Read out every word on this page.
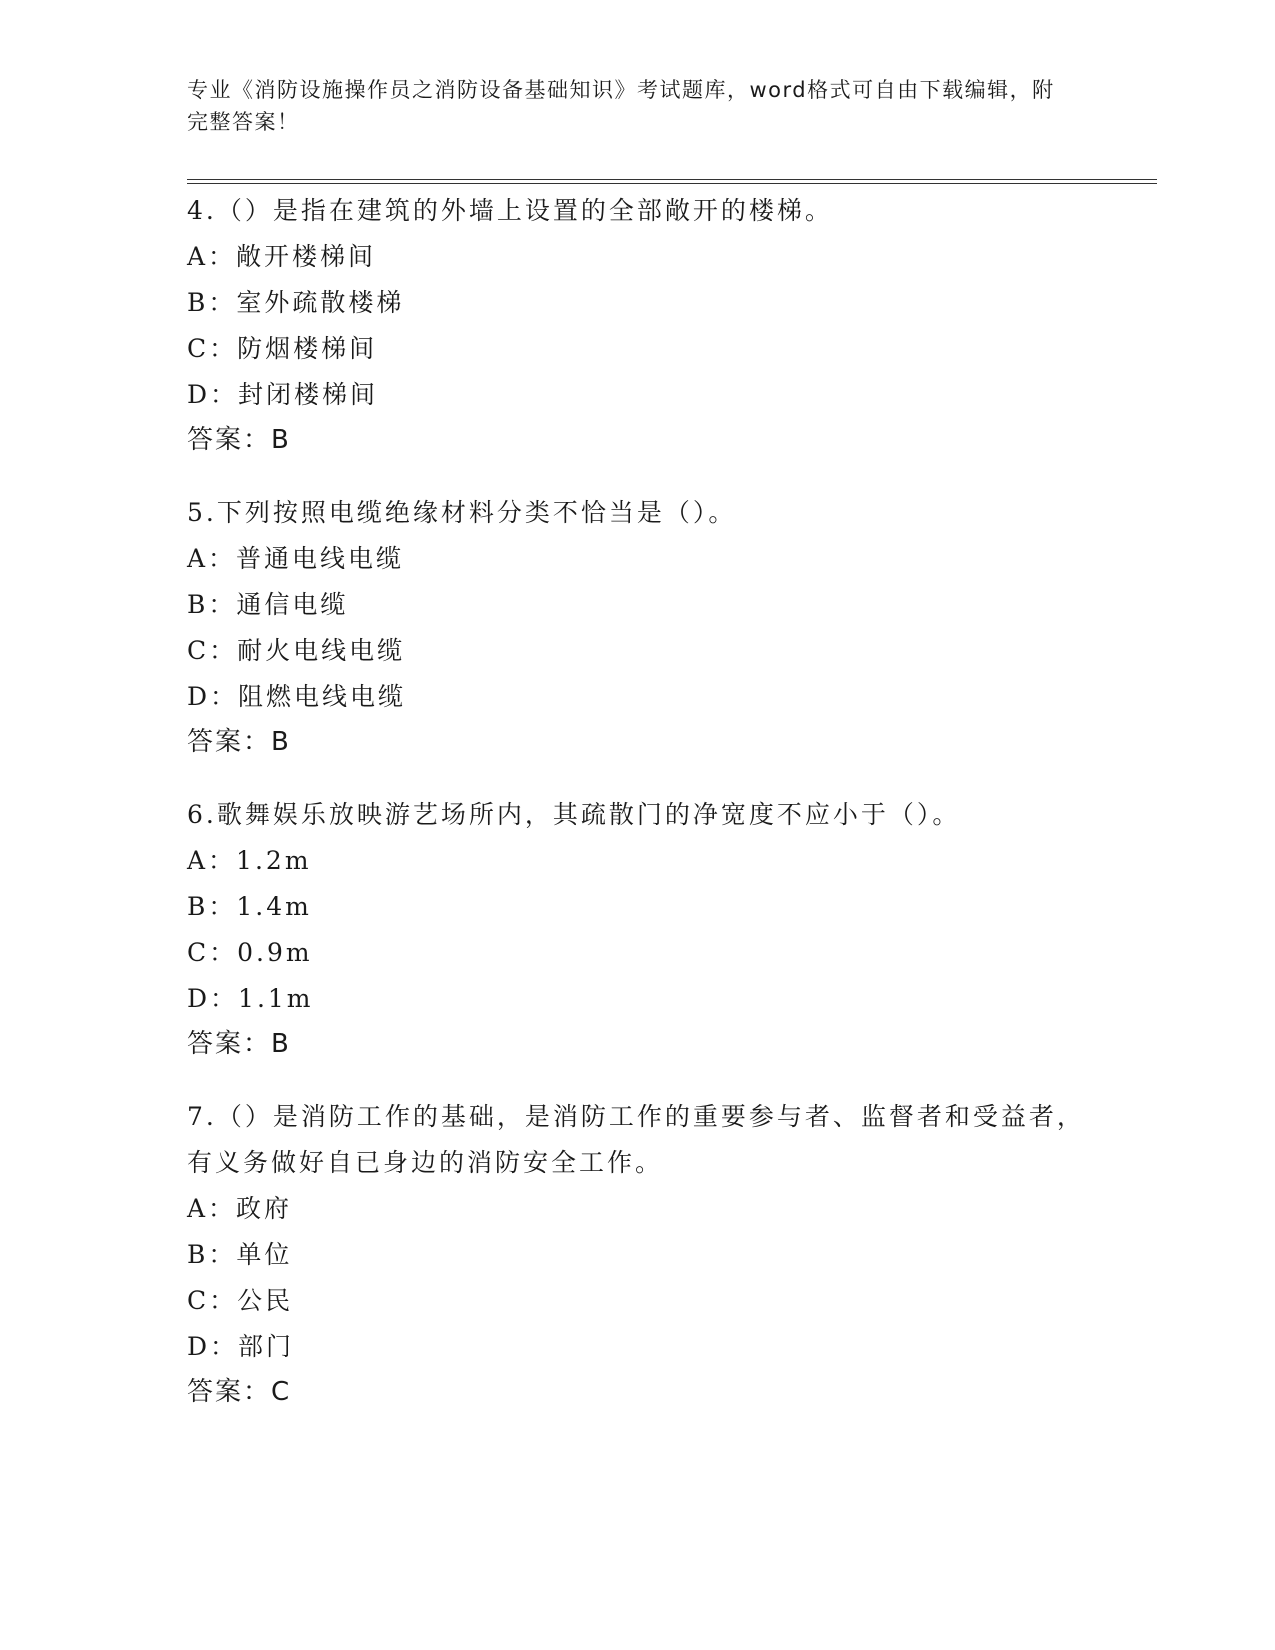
专业《消防设施操作员之消防设备基础知识》考试题库，word格式可自由下载编辑，附完整答案！

4.（）是指在建筑的外墙上设置的全部敞开的楼梯。

A：敞开楼梯间

B：室外疏散楼梯

C：防烟楼梯间

D：封闭楼梯间

答案：B

5.下列按照电缆绝缘材料分类不恰当是（）。

A：普通电线电缆

B：通信电缆

C：耐火电线电缆

D：阻燃电线电缆

答案：B

6.歌舞娱乐放映游艺场所内，其疏散门的净宽度不应小于（）。

A：1.2m

B：1.4m

C：0.9m

D：1.1m

答案：B

7.（）是消防工作的基础，是消防工作的重要参与者、监督者和受益者，有义务做好自已身边的消防安全工作。

A：政府

B：单位

C：公民

D：部门

答案：C
